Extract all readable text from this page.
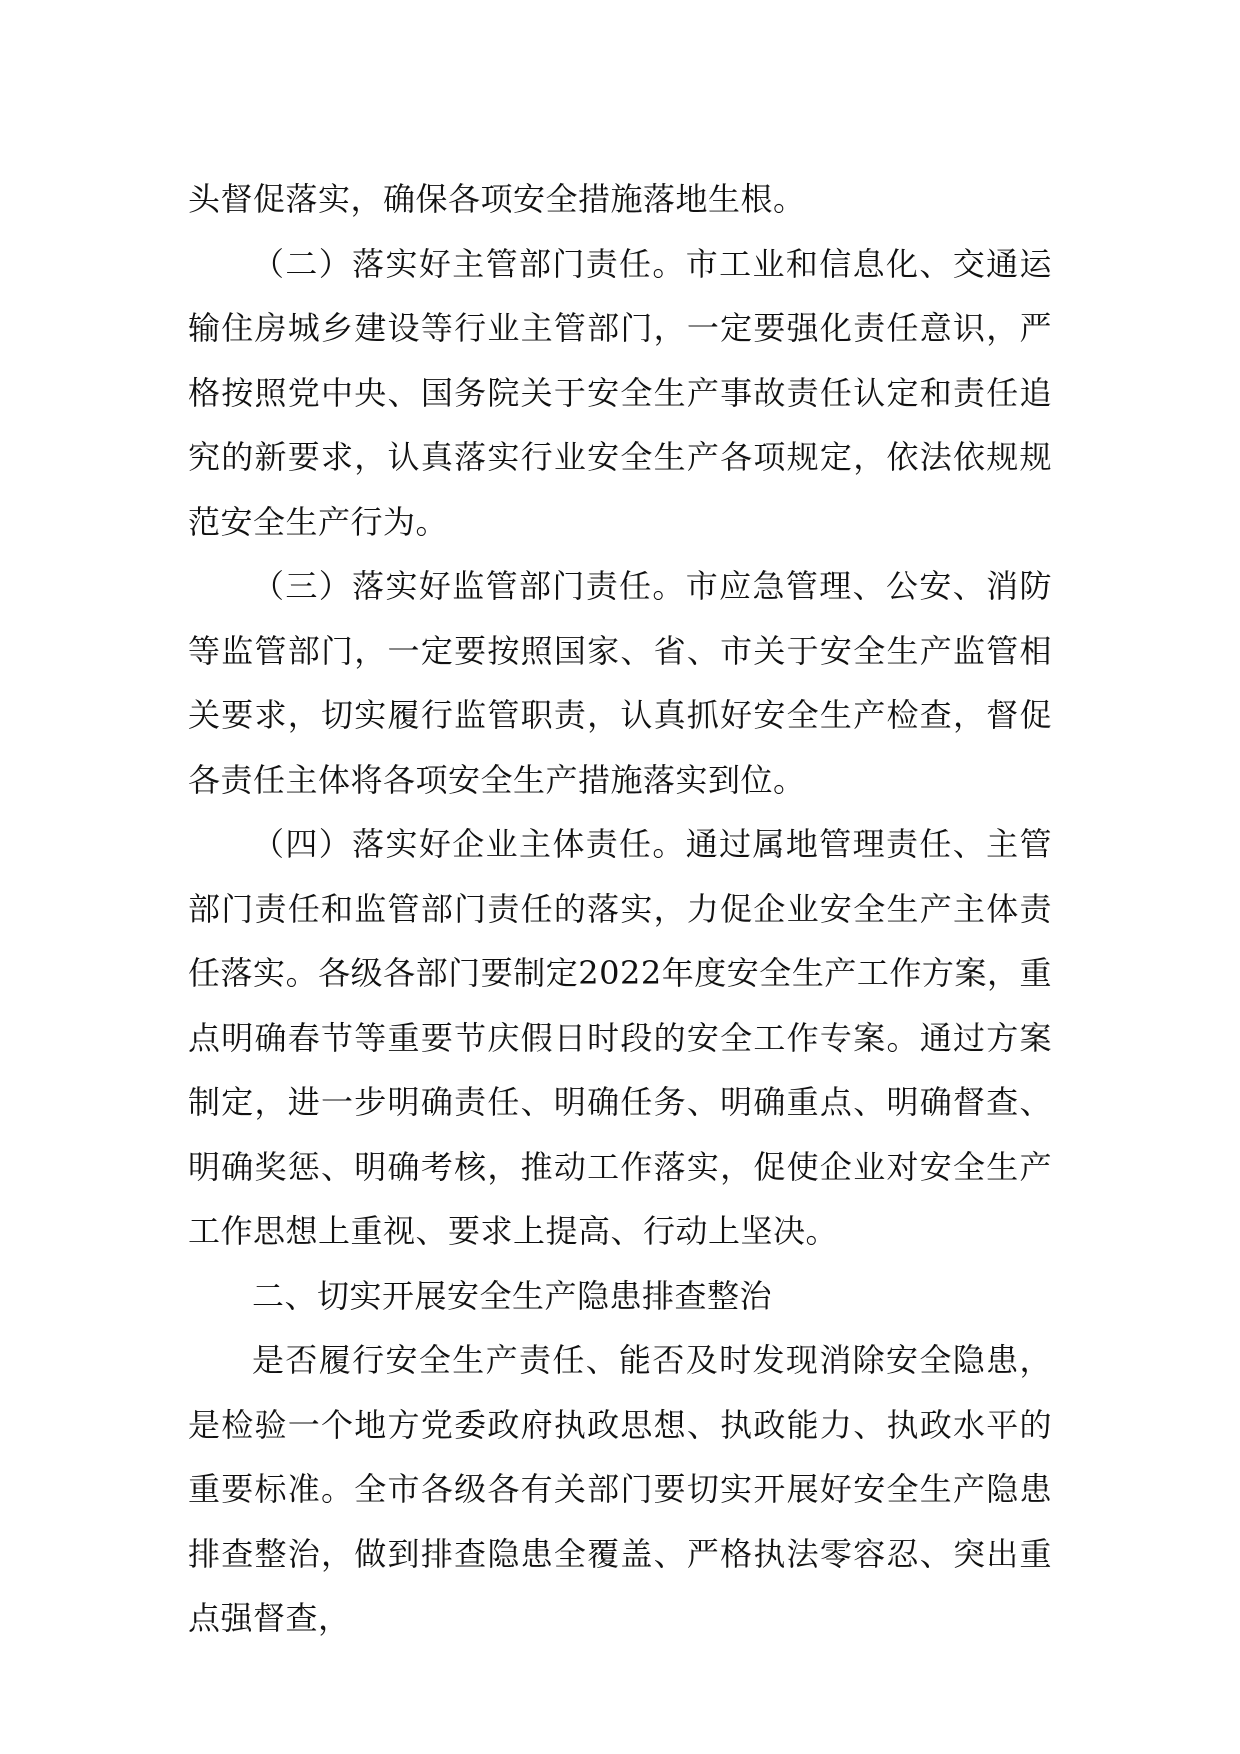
头督促落实，确保各项安全措施落地生根。

（二）落实好主管部门责任。市工业和信息化、交通运输住房城乡建设等行业主管部门，一定要强化责任意识，严格按照党中央、国务院关于安全生产事故责任认定和责任追究的新要求，认真落实行业安全生产各项规定，依法依规规范安全生产行为。

（三）落实好监管部门责任。市应急管理、公安、消防等监管部门，一定要按照国家、省、市关于安全生产监管相关要求，切实履行监管职责，认真抓好安全生产检查，督促各责任主体将各项安全生产措施落实到位。

（四）落实好企业主体责任。通过属地管理责任、主管部门责任和监管部门责任的落实，力促企业安全生产主体责任落实。各级各部门要制定2022年度安全生产工作方案，重点明确春节等重要节庆假日时段的安全工作专案。通过方案制定，进一步明确责任、明确任务、明确重点、明确督查、明确奖惩、明确考核，推动工作落实，促使企业对安全生产工作思想上重视、要求上提高、行动上坚决。

二、切实开展安全生产隐患排查整治

是否履行安全生产责任、能否及时发现消除安全隐患，是检验一个地方党委政府执政思想、执政能力、执政水平的重要标准。全市各级各有关部门要切实开展好安全生产隐患排查整治，做到排查隐患全覆盖、严格执法零容忍、突出重点强督查，
